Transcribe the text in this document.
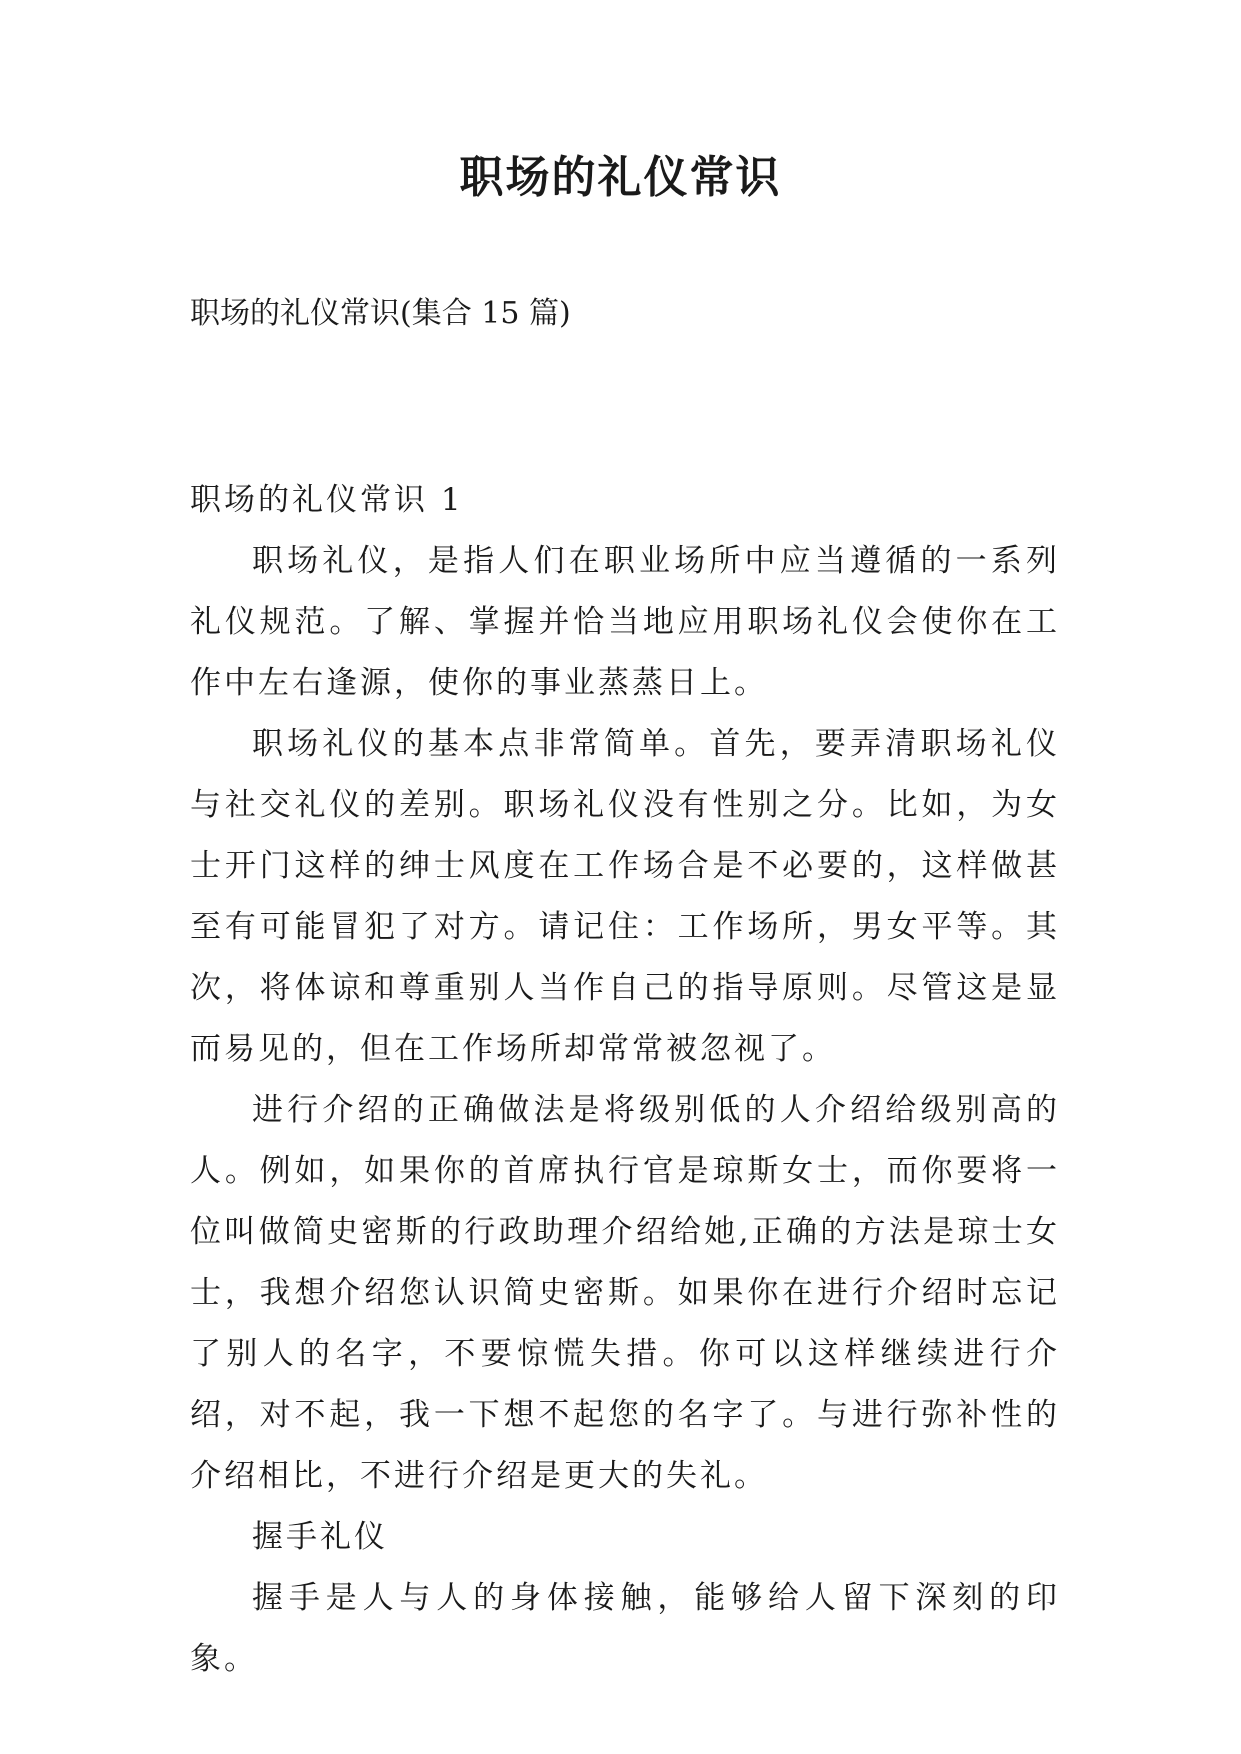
职场的礼仪常识

职场的礼仪常识(集合 15 篇)

职场的礼仪常识 1

职场礼仪，是指人们在职业场所中应当遵循的一系列礼仪规范。了解、掌握并恰当地应用职场礼仪会使你在工作中左右逢源，使你的事业蒸蒸日上。

职场礼仪的基本点非常简单。首先，要弄清职场礼仪与社交礼仪的差别。职场礼仪没有性别之分。比如，为女士开门这样的绅士风度在工作场合是不必要的，这样做甚至有可能冒犯了对方。请记住：工作场所，男女平等。其次，将体谅和尊重别人当作自己的指导原则。尽管这是显而易见的，但在工作场所却常常被忽视了。

进行介绍的正确做法是将级别低的人介绍给级别高的人。例如，如果你的首席执行官是琼斯女士，而你要将一位叫做简史密斯的行政助理介绍给她,正确的方法是琼士女士，我想介绍您认识简史密斯。如果你在进行介绍时忘记了别人的名字，不要惊慌失措。你可以这样继续进行介绍，对不起，我一下想不起您的名字了。与进行弥补性的介绍相比，不进行介绍是更大的失礼。

握手礼仪

握手是人与人的身体接触，能够给人留下深刻的印象。
